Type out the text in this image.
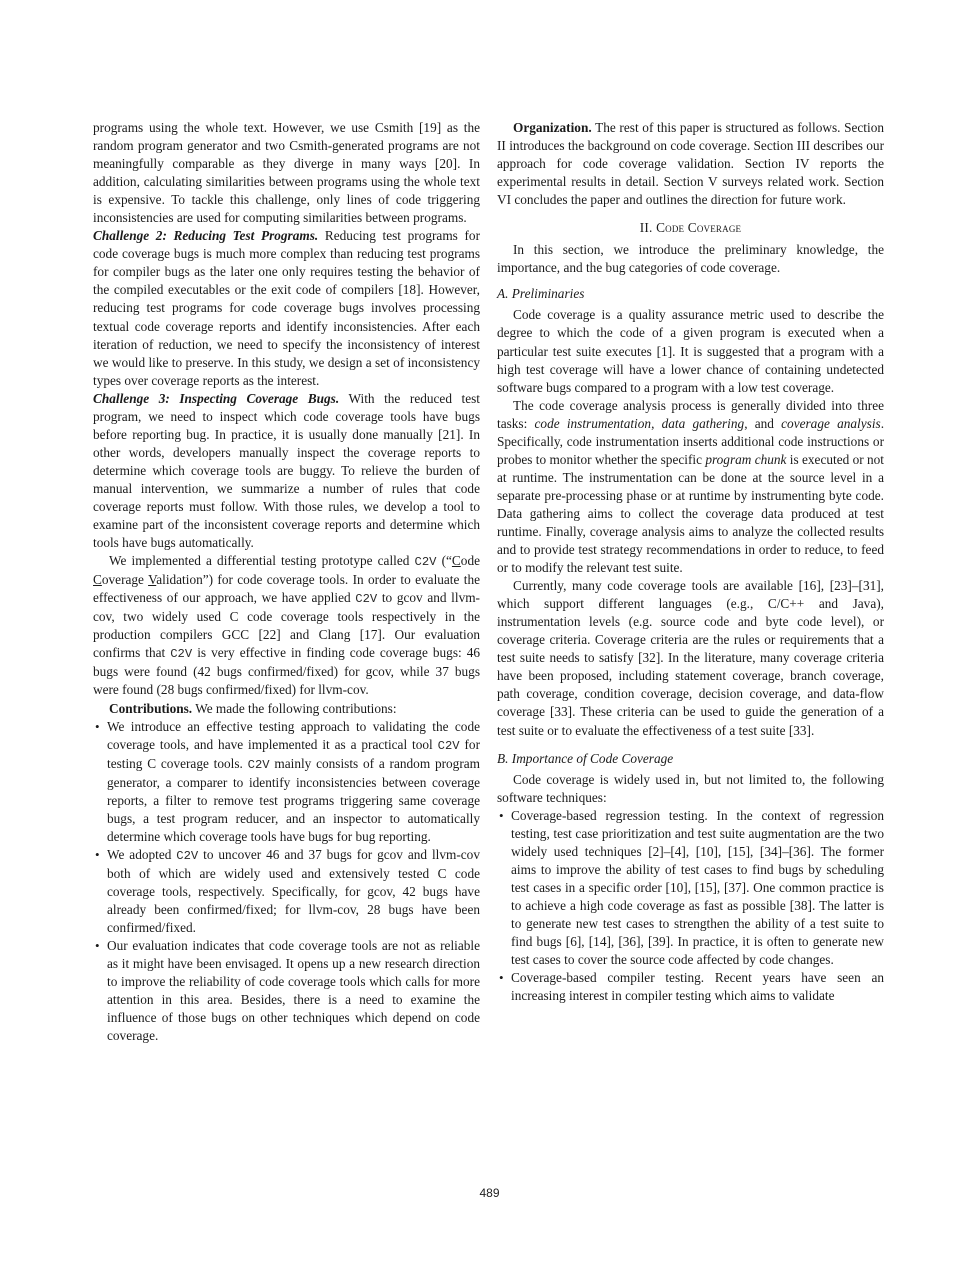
programs using the whole text. However, we use Csmith [19] as the random program generator and two Csmith-generated programs are not meaningfully comparable as they diverge in many ways [20]. In addition, calculating similarities between programs using the whole text is expensive. To tackle this challenge, only lines of code triggering inconsistencies are used for computing similarities between programs.

Challenge 2: Reducing Test Programs. Reducing test programs for code coverage bugs is much more complex than reducing test programs for compiler bugs as the later one only requires testing the behavior of the compiled executables or the exit code of compilers [18]. However, reducing test programs for code coverage bugs involves processing textual code coverage reports and identify inconsistencies. After each iteration of reduction, we need to specify the inconsistency of interest we would like to preserve. In this study, we design a set of inconsistency types over coverage reports as the interest.

Challenge 3: Inspecting Coverage Bugs. With the reduced test program, we need to inspect which code coverage tools have bugs before reporting bug. In practice, it is usually done manually [21]. In other words, developers manually inspect the coverage reports to determine which coverage tools are buggy. To relieve the burden of manual intervention, we summarize a number of rules that code coverage reports must follow. With those rules, we develop a tool to examine part of the inconsistent coverage reports and determine which tools have bugs automatically.

We implemented a differential testing prototype called C2V (“Code Coverage Validation”) for code coverage tools. In order to evaluate the effectiveness of our approach, we have applied C2V to gcov and llvm-cov, two widely used C code coverage tools respectively in the production compilers GCC [22] and Clang [17]. Our evaluation confirms that C2V is very effective in finding code coverage bugs: 46 bugs were found (42 bugs confirmed/fixed) for gcov, while 37 bugs were found (28 bugs confirmed/fixed) for llvm-cov.

Contributions. We made the following contributions:

• We introduce an effective testing approach to validating the code coverage tools, and have implemented it as a practical tool C2V for testing C coverage tools. C2V mainly consists of a random program generator, a comparer to identify inconsistencies between coverage reports, a filter to remove test programs triggering same coverage bugs, a test program reducer, and an inspector to automatically determine which coverage tools have bugs for bug reporting.
• We adopted C2V to uncover 46 and 37 bugs for gcov and llvm-cov both of which are widely used and extensively tested C code coverage tools, respectively. Specifically, for gcov, 42 bugs have already been confirmed/fixed; for llvm-cov, 28 bugs have been confirmed/fixed.
• Our evaluation indicates that code coverage tools are not as reliable as it might have been envisaged. It opens up a new research direction to improve the reliability of code coverage tools which calls for more attention in this area. Besides, there is a need to examine the influence of those bugs on other techniques which depend on code coverage.

Organization. The rest of this paper is structured as follows. Section II introduces the background on code coverage. Section III describes our approach for code coverage validation. Section IV reports the experimental results in detail. Section V surveys related work. Section VI concludes the paper and outlines the direction for future work.

II. Code Coverage

In this section, we introduce the preliminary knowledge, the importance, and the bug categories of code coverage.

A. Preliminaries

Code coverage is a quality assurance metric used to describe the degree to which the code of a given program is executed when a particular test suite executes [1]. It is suggested that a program with a high test coverage will have a lower chance of containing undetected software bugs compared to a program with a low test coverage.

The code coverage analysis process is generally divided into three tasks: code instrumentation, data gathering, and coverage analysis. Specifically, code instrumentation inserts additional code instructions or probes to monitor whether the specific program chunk is executed or not at runtime. The instrumentation can be done at the source level in a separate pre-processing phase or at runtime by instrumenting byte code. Data gathering aims to collect the coverage data produced at test runtime. Finally, coverage analysis aims to analyze the collected results and to provide test strategy recommendations in order to reduce, to feed or to modify the relevant test suite.

Currently, many code coverage tools are available [16], [23]–[31], which support different languages (e.g., C/C++ and Java), instrumentation levels (e.g. source code and byte code level), or coverage criteria. Coverage criteria are the rules or requirements that a test suite needs to satisfy [32]. In the literature, many coverage criteria have been proposed, including statement coverage, branch coverage, path coverage, condition coverage, decision coverage, and data-flow coverage [33]. These criteria can be used to guide the generation of a test suite or to evaluate the effectiveness of a test suite [33].

B. Importance of Code Coverage

Code coverage is widely used in, but not limited to, the following software techniques:

• Coverage-based regression testing. In the context of regression testing, test case prioritization and test suite augmentation are the two widely used techniques [2]–[4], [10], [15], [34]–[36]. The former aims to improve the ability of test cases to find bugs by scheduling test cases in a specific order [10], [15], [37]. One common practice is to achieve a high code coverage as fast as possible [38]. The latter is to generate new test cases to strengthen the ability of a test suite to find bugs [6], [14], [36], [39]. In practice, it is often to generate new test cases to cover the source code affected by code changes.
• Coverage-based compiler testing. Recent years have seen an increasing interest in compiler testing which aims to validate
489
